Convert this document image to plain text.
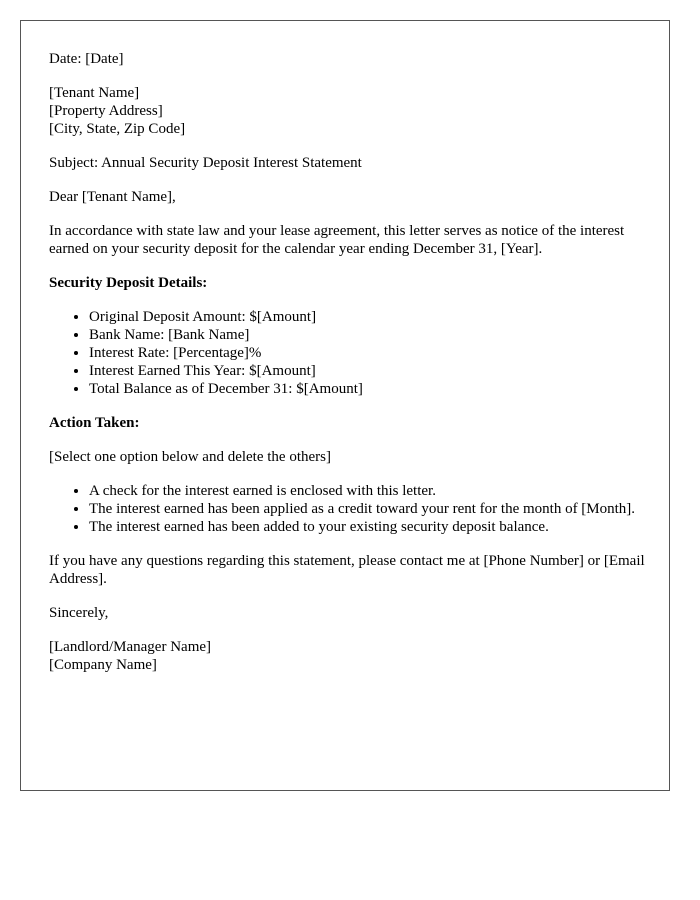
Date: [Date]

[Tenant Name]
[Property Address]
[City, State, Zip Code]

Subject: Annual Security Deposit Interest Statement

Dear [Tenant Name],

In accordance with state law and your lease agreement, this letter serves as notice of the interest earned on your security deposit for the calendar year ending December 31, [Year].

Security Deposit Details:

• Original Deposit Amount: $[Amount]
• Bank Name: [Bank Name]
• Interest Rate: [Percentage]%
• Interest Earned This Year: $[Amount]
• Total Balance as of December 31: $[Amount]

Action Taken:

[Select one option below and delete the others]

• A check for the interest earned is enclosed with this letter.
• The interest earned has been applied as a credit toward your rent for the month of [Month].
• The interest earned has been added to your existing security deposit balance.

If you have any questions regarding this statement, please contact me at [Phone Number] or [Email Address].

Sincerely,

[Landlord/Manager Name]
[Company Name]
